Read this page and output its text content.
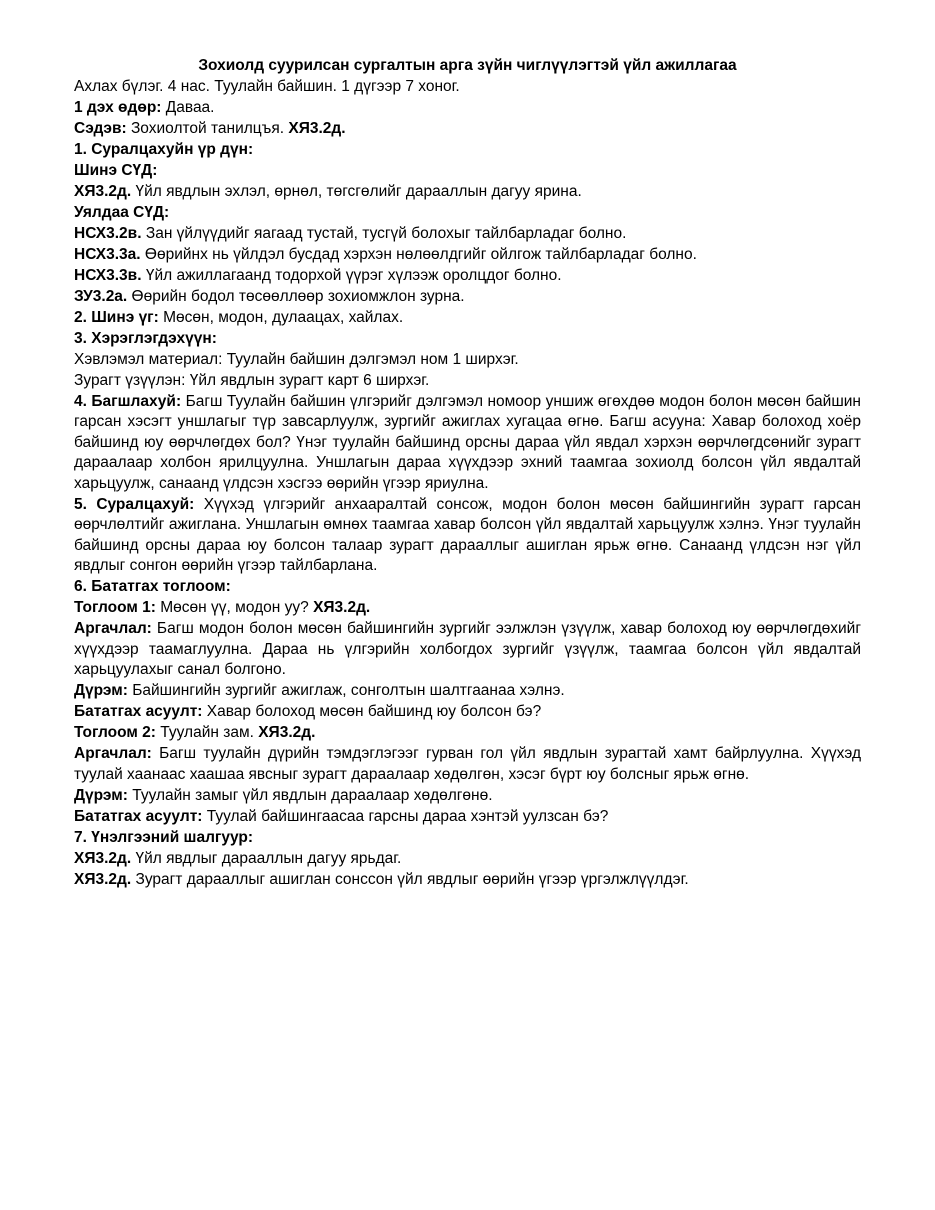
Зохиолд суурилсан сургалтын арга зүйн чиглүүлэгтэй үйл ажиллагаа

Ахлах бүлэг. 4 нас. Туулайн байшин. 1 дүгээр 7 хоног.

1 дэх өдөр: Даваа.

Сэдэв: Зохиолтой танилцъя. ХЯ3.2д.

1. Суралцахуйн үр дүн:

Шинэ СҮД:

ХЯ3.2д. Үйл явдлын эхлэл, өрнөл, төгсгөлийг дарааллын дагуу ярина.

Уялдаа СҮД:

НСХ3.2в. Зан үйлүүдийг яагаад тустай, тусгүй болохыг тайлбарладаг болно.

НСХ3.3а. Өөрийнх нь үйлдэл бусдад хэрхэн нөлөөлдгийг ойлгож тайлбарладаг болно.

НСХ3.3в. Үйл ажиллагаанд тодорхой үүрэг хүлээж оролцдог болно.

ЗУ3.2а. Өөрийн бодол төсөөллөөр зохиомжлон зурна.

2. Шинэ үг: Мөсөн, модон, дулаацах, хайлах.

3. Хэрэглэгдэхүүн:

Хэвлэмэл материал: Туулайн байшин дэлгэмэл ном 1 ширхэг.

Зурагт үзүүлэн: Үйл явдлын зурагт карт 6 ширхэг.

4. Багшлахуй: Багш Туулайн байшин үлгэрийг дэлгэмэл номоор уншиж өгөхдөө модон болон мөсөн байшин гарсан хэсэгт уншлагыг түр завсарлуулж, зургийг ажиглах хугацаа өгнө. Багш асууна: Хавар болоход хоёр байшинд юу өөрчлөгдөх бол? Үнэг туулайн байшинд орсны дараа үйл явдал хэрхэн өөрчлөгдсөнийг зурагт дараалаар холбон ярилцуулна. Уншлагын дараа хүүхдээр эхний таамгаа зохиолд болсон үйл явдалтай харьцуулж, санаанд үлдсэн хэсгээ өөрийн үгээр яриулна.

5. Суралцахуй: Хүүхэд үлгэрийг анхааралтай сонсож, модон болон мөсөн байшингийн зурагт гарсан өөрчлөлтийг ажиглана. Уншлагын өмнөх таамгаа хавар болсон үйл явдалтай харьцуулж хэлнэ. Үнэг туулайн байшинд орсны дараа юу болсон талаар зурагт дарааллыг ашиглан ярьж өгнө. Санаанд үлдсэн нэг үйл явдлыг сонгон өөрийн үгээр тайлбарлана.

6. Бататгах тоглоом:

Тоглоом 1: Мөсөн үү, модон уу? ХЯ3.2д.

Аргачлал: Багш модон болон мөсөн байшингийн зургийг ээлжлэн үзүүлж, хавар болоход юу өөрчлөгдөхийг хүүхдээр таамаглуулна. Дараа нь үлгэрийн холбогдох зургийг үзүүлж, таамгаа болсон үйл явдалтай харьцуулахыг санал болгоно.

Дүрэм: Байшингийн зургийг ажиглаж, сонголтын шалтгаанаа хэлнэ.

Бататгах асуулт: Хавар болоход мөсөн байшинд юу болсон бэ?

Тоглоом 2: Туулайн зам. ХЯ3.2д.

Аргачлал: Багш туулайн дүрийн тэмдэглэгээг гурван гол үйл явдлын зурагтай хамт байрлуулна. Хүүхэд туулай хаанаас хаашаа явсныг зурагт дараалаар хөдөлгөн, хэсэг бүрт юу болсныг ярьж өгнө.

Дүрэм: Туулайн замыг үйл явдлын дараалаар хөдөлгөнө.

Бататгах асуулт: Туулай байшингаасаа гарсны дараа хэнтэй уулзсан бэ?

7. Үнэлгээний шалгуур:

ХЯ3.2д. Үйл явдлыг дарааллын дагуу ярьдаг.

ХЯ3.2д. Зурагт дарааллыг ашиглан сонссон үйл явдлыг өөрийн үгээр үргэлжлүүлдэг.
